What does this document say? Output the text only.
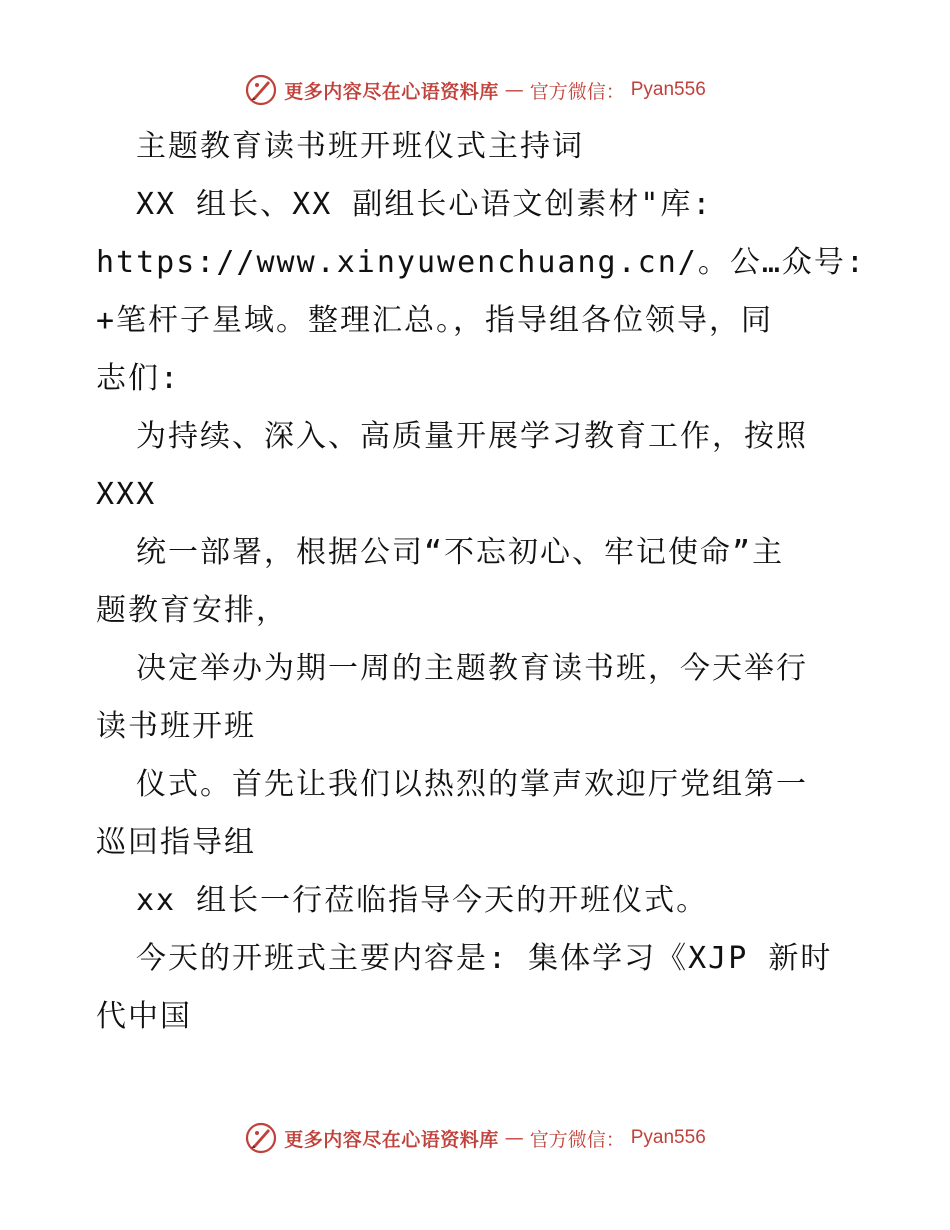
更多内容尽在心语资料库 — 官方微信： Pyan556
主题教育读书班开班仪式主持词
XX 组长、XX 副组长心语文创素材"库:
https://www.xinyuwenchuang.cn/。公…众号:
+笔杆子星域。整理汇总。，指导组各位领导，同
志们:
为持续、深入、高质量开展学习教育工作，按照
XXX
统一部署，根据公司“不忘初心、牢记使命”主
题教育安排，
决定举办为期一周的主题教育读书班，今天举行
读书班开班
仪式。首先让我们以热烈的掌声欢迎厅党组第一
巡回指导组
xx 组长一行莅临指导今天的开班仪式。
今天的开班式主要内容是: 集体学习《XJP 新时
代中国
更多内容尽在心语资料库 — 官方微信： Pyan556
